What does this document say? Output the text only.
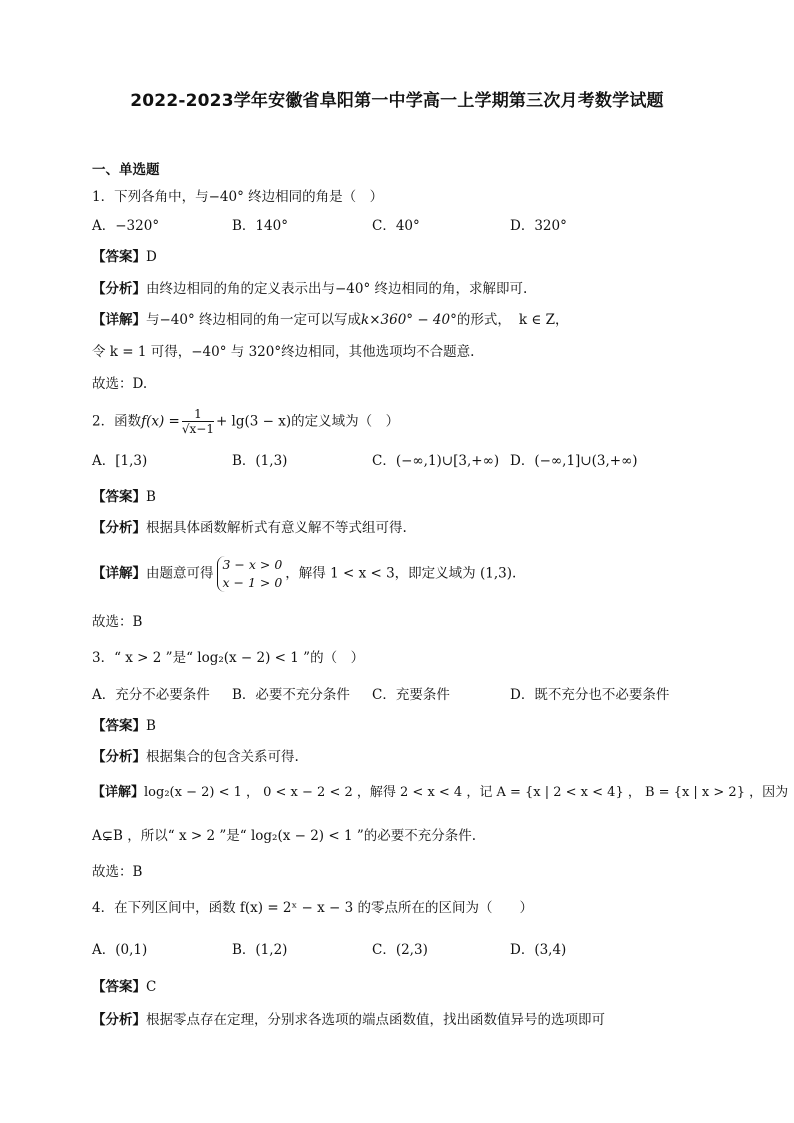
2022-2023学年安徽省阜阳第一中学高一上学期第三次月考数学试题
一、单选题
1．下列各角中，与−40° 终边相同的角是（　）
A．−320°	B．140°	C．40°	D．320°
【答案】D
【分析】由终边相同的角的定义表示出与−40° 终边相同的角，求解即可.
【详解】与−40° 终边相同的角一定可以写成k×360° − 40°的形式， k ∈ Z，
令 k = 1 可得，−40° 与 320°终边相同，其他选项均不合题意.
故选：D.
2．函数$f(x) = \frac{1}{√x-1} + \lg(3 - x)$的定义域为（　）
A．[1,3)	B．(1,3)	C．(−∞,1)∪[3,+∞) D．(−∞,1]∪(3,+∞)
【答案】B
【分析】根据具体函数解析式有意义解不等式组可得.
【详解】由题意可得
3 − x > 0
x − 1 > 0
，解得 1 < x < 3，即定义域为 (1,3).
故选：B
3．“ x > 2 ”是“ log₂(x − 2) < 1 ”的（　）
A．充分不必要条件 B．必要不充分条件 C．充要条件	D．既不充分也不必要条件
【答案】B
【分析】根据集合的包含关系可得.
【详解】log₂(x − 2) < 1 ， 0 < x − 2 < 2 ，解得 2 < x < 4 ，记 A = {x | 2 < x < 4} ， B = {x | x > 2} ，因为
A⊊B ，所以“ x > 2 ”是“ log₂(x − 2) < 1 ”的必要不充分条件.
故选：B
4．在下列区间中，函数 f(x) = 2ˣ − x − 3 的零点所在的区间为（　　）
A．(0,1)	B．(1,2)	C．(2,3)	D．(3,4)
【答案】C
【分析】根据零点存在定理，分别求各选项的端点函数值，找出函数值异号的选项即可
